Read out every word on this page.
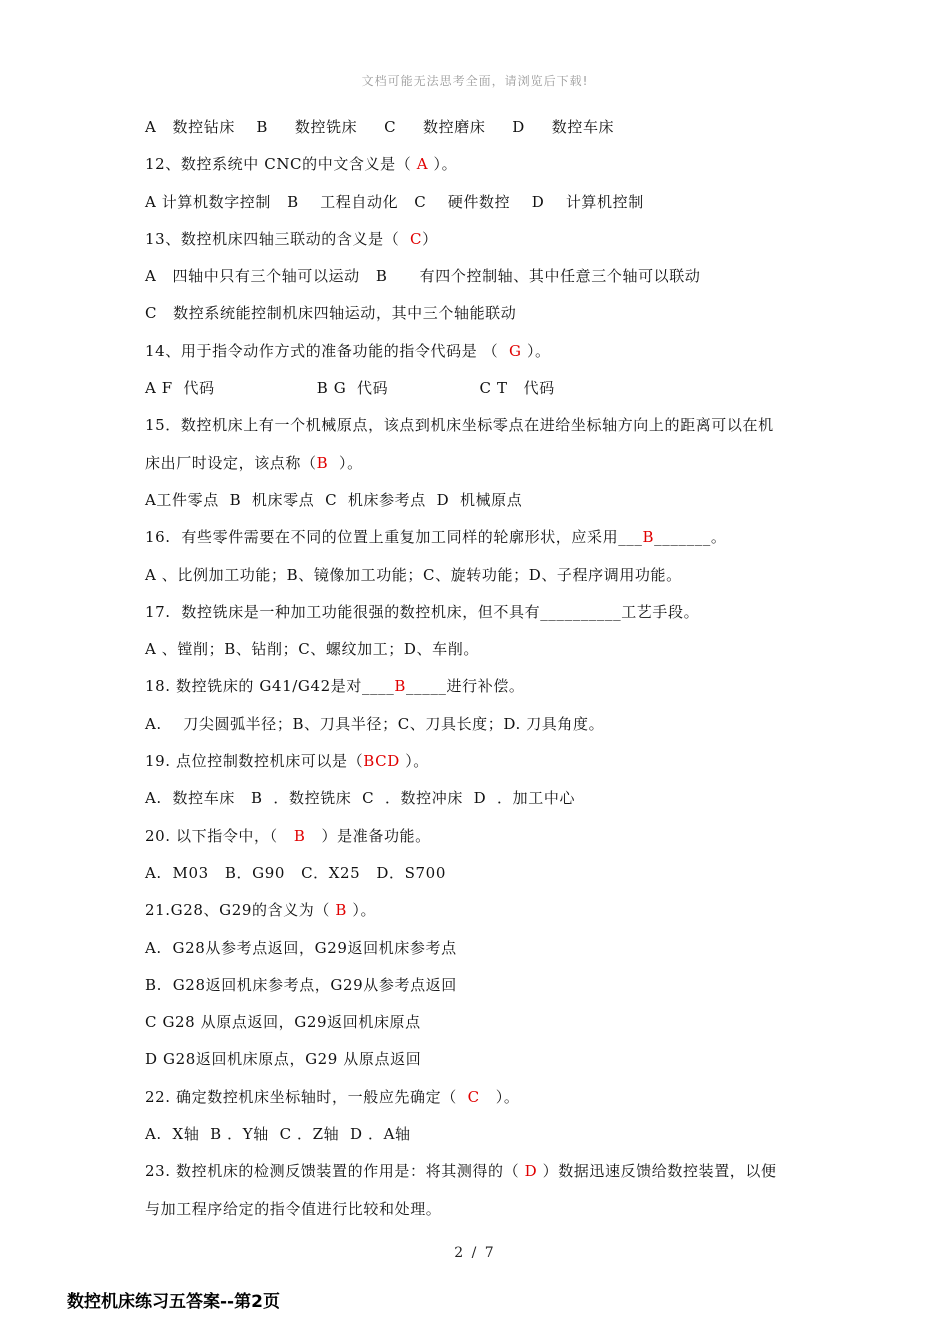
文档可能无法思考全面，请浏览后下载!
A   数控钻床    B     数控铣床     C     数控磨床     D     数控车床
12、数控系统中 CNC的中文含义是（ A ）。
A 计算机数字控制   B    工程自动化   C    硬件数控    D    计算机控制
13、数控机床四轴三联动的含义是（  C）
A   四轴中只有三个轴可以运动   B      有四个控制轴、其中任意三个轴可以联动
C   数控系统能控制机床四轴运动，其中三个轴能联动
14、用于指令动作方式的准备功能的指令代码是 （  G ）。
A F  代码                   B G  代码                 C T   代码
15．数控机床上有一个机械原点，该点到机床坐标零点在进给坐标轴方向上的距离可以在机
床出厂时设定，该点称（B  ）。
A工件零点  B  机床零点  C  机床参考点  D  机械原点
16.  有些零件需要在不同的位置上重复加工同样的轮廓形状，应采用___B_______。
A 、比例加工功能；B、镜像加工功能；C、旋转功能；D、子程序调用功能。
17.  数控铣床是一种加工功能很强的数控机床，但不具有__________工艺手段。
A 、镗削；B、钻削；C、螺纹加工；D、车削。
18. 数控铣床的 G41/G42是对____B_____进行补偿。
A.    刀尖圆弧半径；B、刀具半径；C、刀具长度；D. 刀具角度。
19. 点位控制数控机床可以是（BCD ）。
A.  数控车床   B  ．数控铣床  C  ．数控冲床  D  ．加工中心
20. 以下指令中，（   B   ）是准备功能。
A.  M03   B．G90   C．X25   D．S700
21.G28、G29的含义为（ B ）。
A.  G28从参考点返回，G29返回机床参考点
B.  G28返回机床参考点，G29从参考点返回
C G28 从原点返回，G29返回机床原点
D G28返回机床原点，G29 从原点返回
22. 确定数控机床坐标轴时，一般应先确定（  C   ）。
A.  X轴  B ．Y轴  C ．Z轴  D ．A轴
23. 数控机床的检测反馈装置的作用是：将其测得的（ D ）数据迅速反馈给数控装置，以便
与加工程序给定的指令值进行比较和处理。
2 / 7
数控机床练习五答案--第2页
